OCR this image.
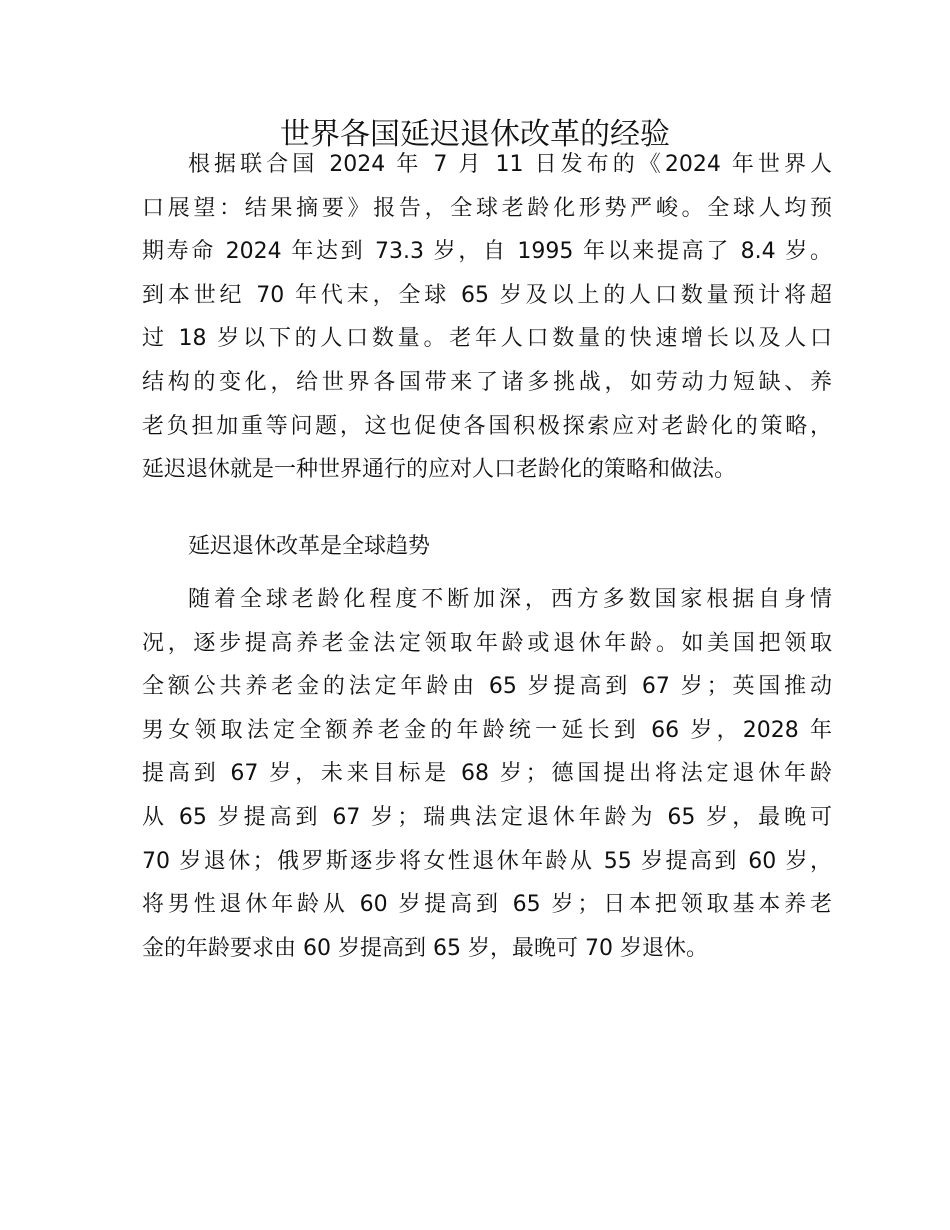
世界各国延迟退休改革的经验
根据联合国 2024 年 7 月 11 日发布的《2024 年世界人
口展望：结果摘要》报告，全球老龄化形势严峻。全球人均预
期寿命 2024 年达到 73.3 岁，自 1995 年以来提高了 8.4 岁。
到本世纪 70 年代末，全球 65 岁及以上的人口数量预计将超
过 18 岁以下的人口数量。老年人口数量的快速增长以及人口
结构的变化，给世界各国带来了诸多挑战，如劳动力短缺、养
老负担加重等问题，这也促使各国积极探索应对老龄化的策略，
延迟退休就是一种世界通行的应对人口老龄化的策略和做法。
延迟退休改革是全球趋势
随着全球老龄化程度不断加深，西方多数国家根据自身情
况，逐步提高养老金法定领取年龄或退休年龄。如美国把领取
全额公共养老金的法定年龄由 65 岁提高到 67 岁；英国推动
男女领取法定全额养老金的年龄统一延长到 66 岁，2028 年
提高到 67 岁，未来目标是 68 岁；德国提出将法定退休年龄
从 65 岁提高到 67 岁；瑞典法定退休年龄为 65 岁，最晚可
70 岁退休；俄罗斯逐步将女性退休年龄从 55 岁提高到 60 岁，
将男性退休年龄从 60 岁提高到 65 岁；日本把领取基本养老
金的年龄要求由 60 岁提高到 65 岁，最晚可 70 岁退休。
